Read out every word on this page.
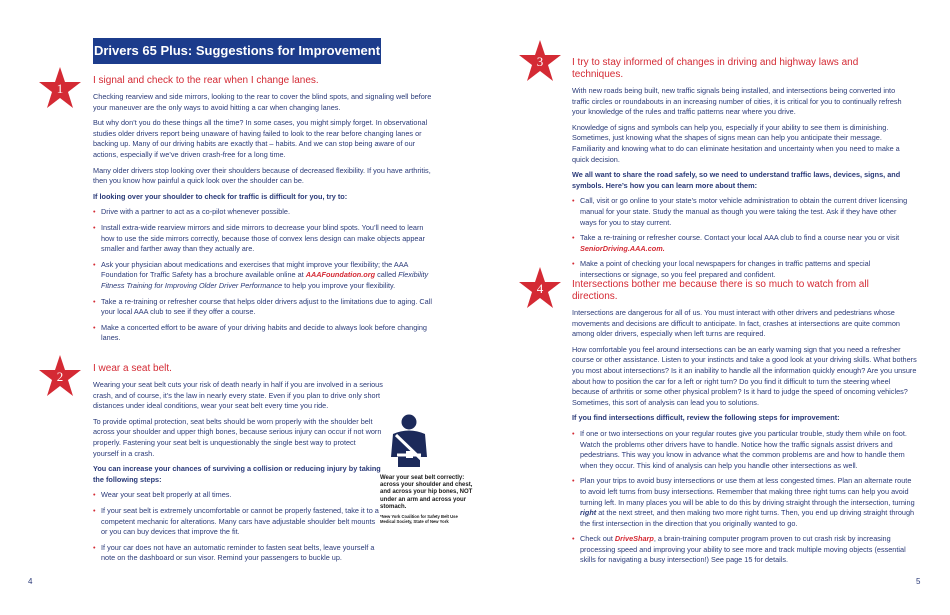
Drivers 65 Plus: Suggestions for Improvement
1
I signal and check to the rear when I change lanes.

Checking rearview and side mirrors, looking to the rear to cover the blind spots, and signaling well before your maneuver are the only ways to avoid hitting a car when changing lanes.

But why don’t you do these things all the time? In some cases, you might simply forget. In observational studies older drivers report being unaware of having failed to look to the rear before changing lanes or backing up. Many of our driving habits are exactly that – habits. And we can stop being aware of our actions, especially if we’ve driven crash-free for a long time.

Many older drivers stop looking over their shoulders because of decreased flexibility. If you have arthritis, then you know how painful a quick look over the shoulder can be.

If looking over your shoulder to check for traffic is difficult for you, try to:

• Drive with a partner to act as a co-pilot whenever possible.
• Install extra-wide rearview mirrors and side mirrors to decrease your blind spots. You’ll need to learn how to use the side mirrors correctly, because those of convex lens design can make objects appear smaller and farther away than they actually are.
• Ask your physician about medications and exercises that might improve your flexibility; the AAA Foundation for Traffic Safety has a brochure available online at AAAFoundation.org called Flexibility Fitness Training for Improving Older Driver Performance to help you improve your flexibility.
• Take a re-training or refresher course that helps older drivers adjust to the limitations due to aging. Call your local AAA club to see if they offer a course.
• Make a concerted effort to be aware of your driving habits and decide to always look before changing lanes.
2
I wear a seat belt.

Wearing your seat belt cuts your risk of death nearly in half if you are involved in a serious crash, and of course, it’s the law in nearly every state. Even if you plan to drive only short distances under ideal conditions, wear your seat belt every time you ride.

To provide optimal protection, seat belts should be worn properly with the shoulder belt across your shoulder and upper thigh bones, because serious injury can occur if not worn properly. Fastening your seat belt is unquestionably the single best way to protect yourself in a crash.

You can increase your chances of surviving a collision or reducing injury by taking the following steps:

• Wear your seat belt properly at all times.
• If your seat belt is extremely uncomfortable or cannot be properly fastened, take it to a competent mechanic for alterations. Many cars have adjustable shoulder belt mounts or you can buy devices that improve the fit.
• If your car does not have an automatic reminder to fasten seat belts, leave yourself a note on the dashboard or sun visor. Remind your passengers to buckle up.
Wear your seat belt correctly: across your shoulder and chest, and across your hip bones, NOT under an arm and across your stomach.
*New York Coalition for Safety Belt Use Medical Society, State of New York
4
3	I try to stay informed of changes in driving and highway laws and techniques.

With new roads being built, new traffic signals being installed, and intersections being converted into traffic circles or roundabouts in an increasing number of cities, it is critical for you to continually refresh your knowledge of the rules and traffic patterns near where you drive.

Knowledge of signs and symbols can help you, especially if your ability to see them is diminishing. Sometimes, just knowing what the shapes of signs mean can help you anticipate their message. Familiarity and knowing what to do can eliminate hesitation and uncertainty when you need to make a quick decision.

We all want to share the road safely, so we need to understand traffic laws, devices, signs, and symbols. Here’s how you can learn more about them:

• Call, visit or go online to your state’s motor vehicle administration to obtain the current driver licensing manual for your state. Study the manual as though you were taking the test. Ask if they have other ways for you to stay current.
• Take a re-training or refresher course. Contact your local AAA club to find a course near you or visit SeniorDriving.AAA.com.
• Make a point of checking your local newspapers for changes in traffic patterns and special intersections or signage, so you feel prepared and confident.
4	Intersections bother me because there is so much to watch from all directions.

Intersections are dangerous for all of us. You must interact with other drivers and pedestrians whose movements and decisions are difficult to anticipate. In fact, crashes at intersections are quite common among older drivers, especially when left turns are required.

How comfortable you feel around intersections can be an early warning sign that you need a refresher course or other assistance. Listen to your instincts and take a good look at your driving skills. What bothers you most about intersections? Is it an inability to handle all the information quickly enough? Are you unsure about how to position the car for a left or right turn? Do you find it difficult to turn the steering wheel because of arthritis or some other physical problem? Is it hard to judge the speed of oncoming vehicles? Sometimes, this sort of analysis can lead you to solutions.

If you find intersections difficult, review the following steps for improvement:

• If one or two intersections on your regular routes give you particular trouble, study them while on foot. Watch the problems other drivers have to handle. Notice how the traffic signals assist drivers and pedestrians. This way you know in advance what the common problems are and how to handle them when they occur. This kind of analysis can help you handle other intersections as well.
• Plan your trips to avoid busy intersections or use them at less congested times. Plan an alternate route to avoid left turns from busy intersections. Remember that making three right turns can help you avoid turning left. In many places you will be able to do this by driving straight through the intersection, turning right at the next street, and then making two more right turns. Then, you end up driving straight through the first intersection in the direction that you originally wanted to go.
• Check out DriveSharp, a brain-training computer program proven to cut crash risk by increasing processing speed and improving your ability to see more and track multiple moving objects (essential skills for navigating a busy intersection!) See page 15 for details.
5
